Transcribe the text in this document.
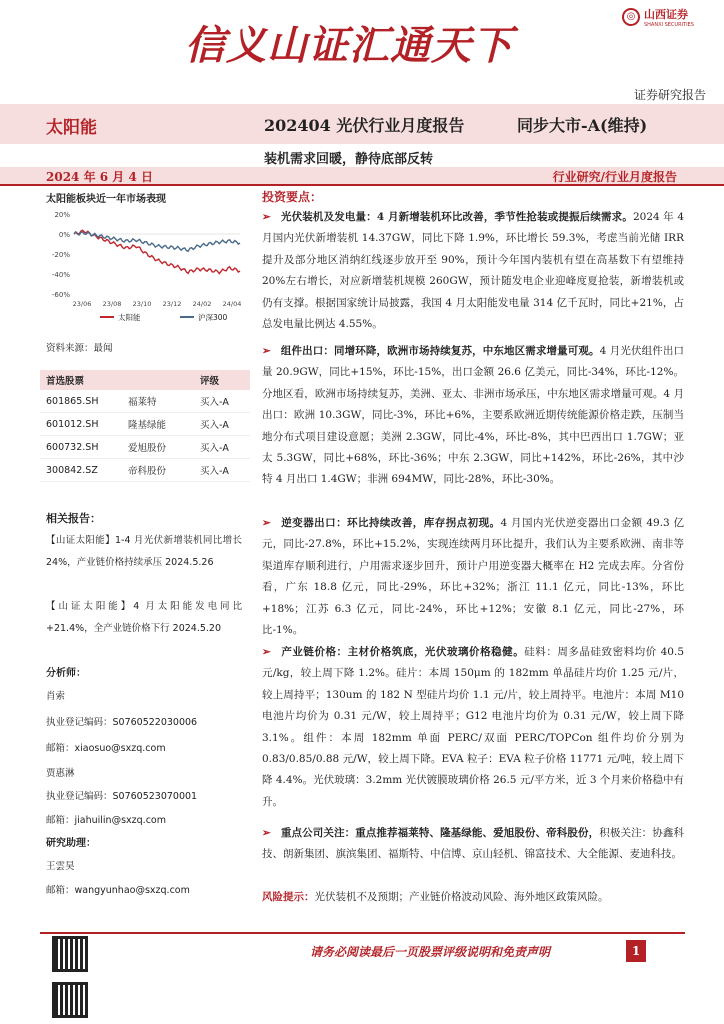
信义山证汇通天下
◎ 山西证券
SHANXI SECURITIES
证券研究报告
太阳能	202404 光伏行业月度报告	同步大市-A(维持)
装机需求回暖，静待底部反转
2024 年 6 月 4 日	行业研究/行业月度报告
太阳能板块近一年市场表现
20%
0%
-20%
-40%
-60%
23/06 23/08 23/10 23/12 24/02 24/04
太阳能	沪深300
资料来源：最闻
首选股票	评级
601865.SH	福莱特	买入-A
601012.SH	隆基绿能	买入-A
600732.SH	爱旭股份	买入-A
300842.SZ	帝科股份	买入-A
相关报告：
【山证太阳能】1-4 月光伏新增装机同比增长 24%，产业链价格持续承压 2024.5.26
【山证太阳能】4 月太阳能发电同比+21.4%，全产业链价格下行 2024.5.20
分析师：
肖索
执业登记编码：S0760522030006
邮箱：xiaosuo@sxzq.com
贾惠淋
执业登记编码：S0760523070001
邮箱：jiahuilin@sxzq.com
研究助理：
王雲昊
邮箱：wangyunhao@sxzq.com
投资要点：
➢ 光伏装机及发电量：4 月新增装机环比改善，季节性抢装或提振后续需求。2024 年 4 月国内光伏新增装机 14.37GW，同比下降 1.9%，环比增长 59.3%，考虑当前光储 IRR 提升及部分地区消纳红线逐步放开至 90%，预计今年国内装机有望在高基数下有望维持 20%左右增长，对应新增装机规模 260GW，预计随发电企业迎峰度夏抢装，新增装机或仍有支撑。根据国家统计局披露，我国 4 月太阳能发电量 314 亿千瓦时，同比+21%，占总发电量比例达 4.55%。
➢ 组件出口：同增环降，欧洲市场持续复苏，中东地区需求增量可观。4 月光伏组件出口量 20.9GW，同比+15%，环比-15%，出口金额 26.6 亿美元，同比-34%，环比-12%。分地区看，欧洲市场持续复苏，美洲、亚太、非洲市场承压，中东地区需求增量可观。4 月出口：欧洲 10.3GW，同比-3%，环比+6%，主要系欧洲近期传统能源价格走跌，压制当地分布式项目建设意愿；美洲 2.3GW，同比-4%，环比-8%，其中巴西出口 1.7GW；亚太 5.3GW，同比+68%，环比-36%；中东 2.3GW，同比+142%，环比-26%，其中沙特 4 月出口 1.4GW；非洲 694MW，同比-28%，环比-30%。
➢ 逆变器出口：环比持续改善，库存拐点初现。4 月国内光伏逆变器出口金额 49.3 亿元，同比-27.8%，环比+15.2%，实现连续两月环比提升，我们认为主要系欧洲、南非等渠道库存顺利进行，户用需求逐步回升，预计户用逆变器大概率在 H2 完成去库。分省份看，广东 18.8 亿元，同比-29%，环比+32%；浙江 11.1 亿元，同比-13%，环比+18%；江苏 6.3 亿元，同比-24%，环比+12%；安徽 8.1 亿元，同比-27%，环比-1%。
➢ 产业链价格：主材价格筑底，光伏玻璃价格稳健。硅料：周多晶硅致密料均价 40.5 元/kg，较上周下降 1.2%。硅片：本周 150μm 的 182mm 单晶硅片均价 1.25 元/片，较上周持平；130um 的 182 N 型硅片均价 1.1 元/片，较上周持平。电池片：本周 M10 电池片均价为 0.31 元/W，较上周持平；G12 电池片均价为 0.31 元/W，较上周下降 3.1%。组件：本周 182mm 单面 PERC/双面 PERC/TOPCon 组件均价分别为 0.83/0.85/0.88 元/W，较上周下降。EVA 粒子：EVA 粒子价格 11771 元/吨，较上周下降 4.4%。光伏玻璃：3.2mm 光伏镀膜玻璃价格 26.5 元/平方米，近 3 个月来价格稳中有升。
➢ 重点公司关注：重点推荐福莱特、隆基绿能、爱旭股份、帝科股份，积极关注：协鑫科技、朗新集团、旗滨集团、福斯特、中信博、京山轻机、锦富技术、大全能源、麦迪科技。
风险提示：光伏装机不及预期；产业链价格波动风险、海外地区政策风险。
请务必阅读最后一页股票评级说明和免责声明	1
